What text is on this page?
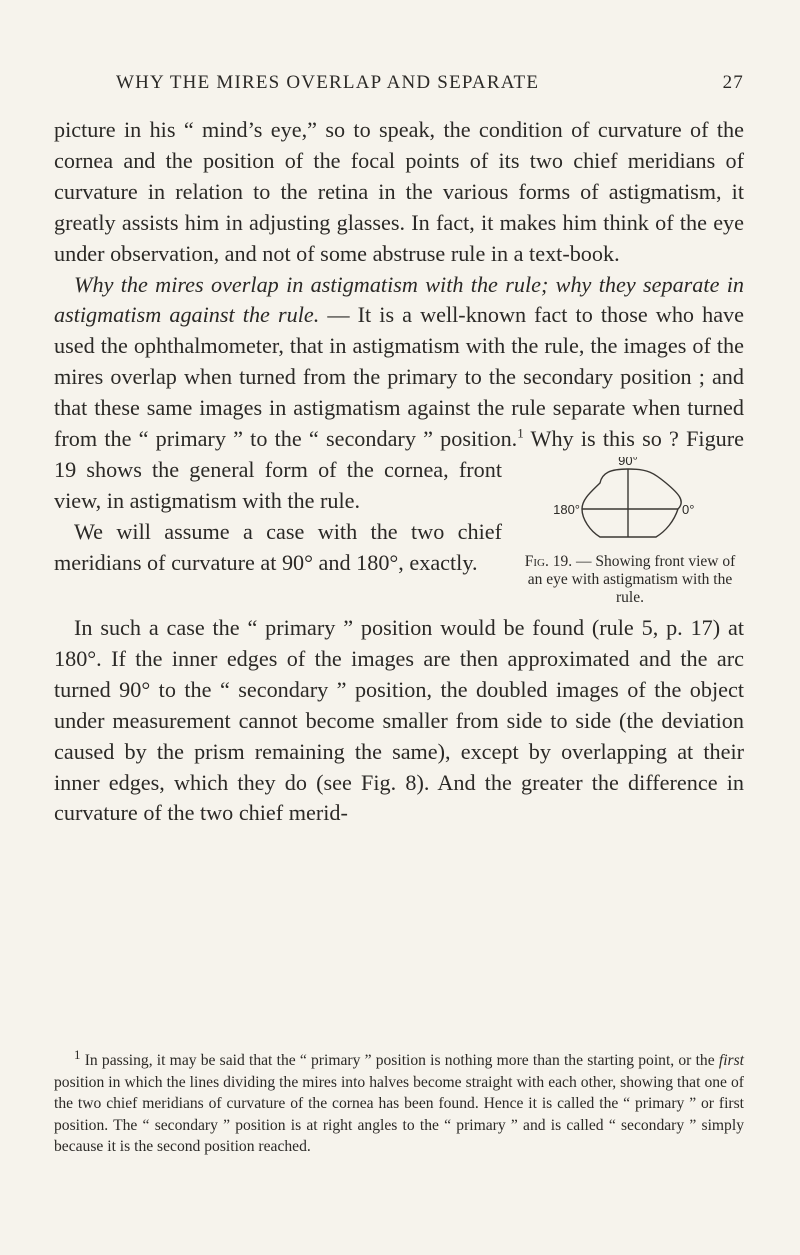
WHY THE MIRES OVERLAP AND SEPARATE	27

picture in his “ mind’s eye,” so to speak, the condition of curvature of the cornea and the position of the focal points of its two chief meridians of curvature in relation to the retina in the various forms of astigmatism, it greatly assists him in adjusting glasses. In fact, it makes him think of the eye under observation, and not of some abstruse rule in a text-book.

Why the mires overlap in astigmatism with the rule; why they separate in astigmatism against the rule. — It is a well-known fact to those who have used the ophthalmometer, that in astigmatism with the rule, the images of the mires overlap when turned from the primary to the secondary position ; and that these same images in astigmatism against the rule separate when turned from the “ primary ” to the “ secondary ” position.$^1$
90°
180°	0°
Fig. 19. — Showing front view of an eye with astigmatism with the rule.
Why is this so ? Figure 19 shows the general form of the cornea, front view, in astigmatism with the rule.

We will assume a case with the two chief meridians of curvature at 90° and 180°, exactly.

In such a case the “ primary ” position would be found (rule 5, p. 17) at 180°. If the inner edges of the images are then approximated and the arc turned 90° to the “ secondary ” position, the doubled images of the object under measurement cannot become smaller from side to side (the deviation caused by the prism remaining the same), except by overlapping at their inner edges, which they do (see Fig. 8). And the greater the difference in curvature of the two chief merid-

$^1$ In passing, it may be said that the “ primary ” position is nothing more than the starting point, or the first position in which the lines dividing the mires into halves become straight with each other, showing that one of the two chief meridians of curvature of the cornea has been found. Hence it is called the “ primary ” or first position. The “ secondary ” position is at right angles to the “ primary ” and is called “ secondary ” simply because it is the second position reached.
